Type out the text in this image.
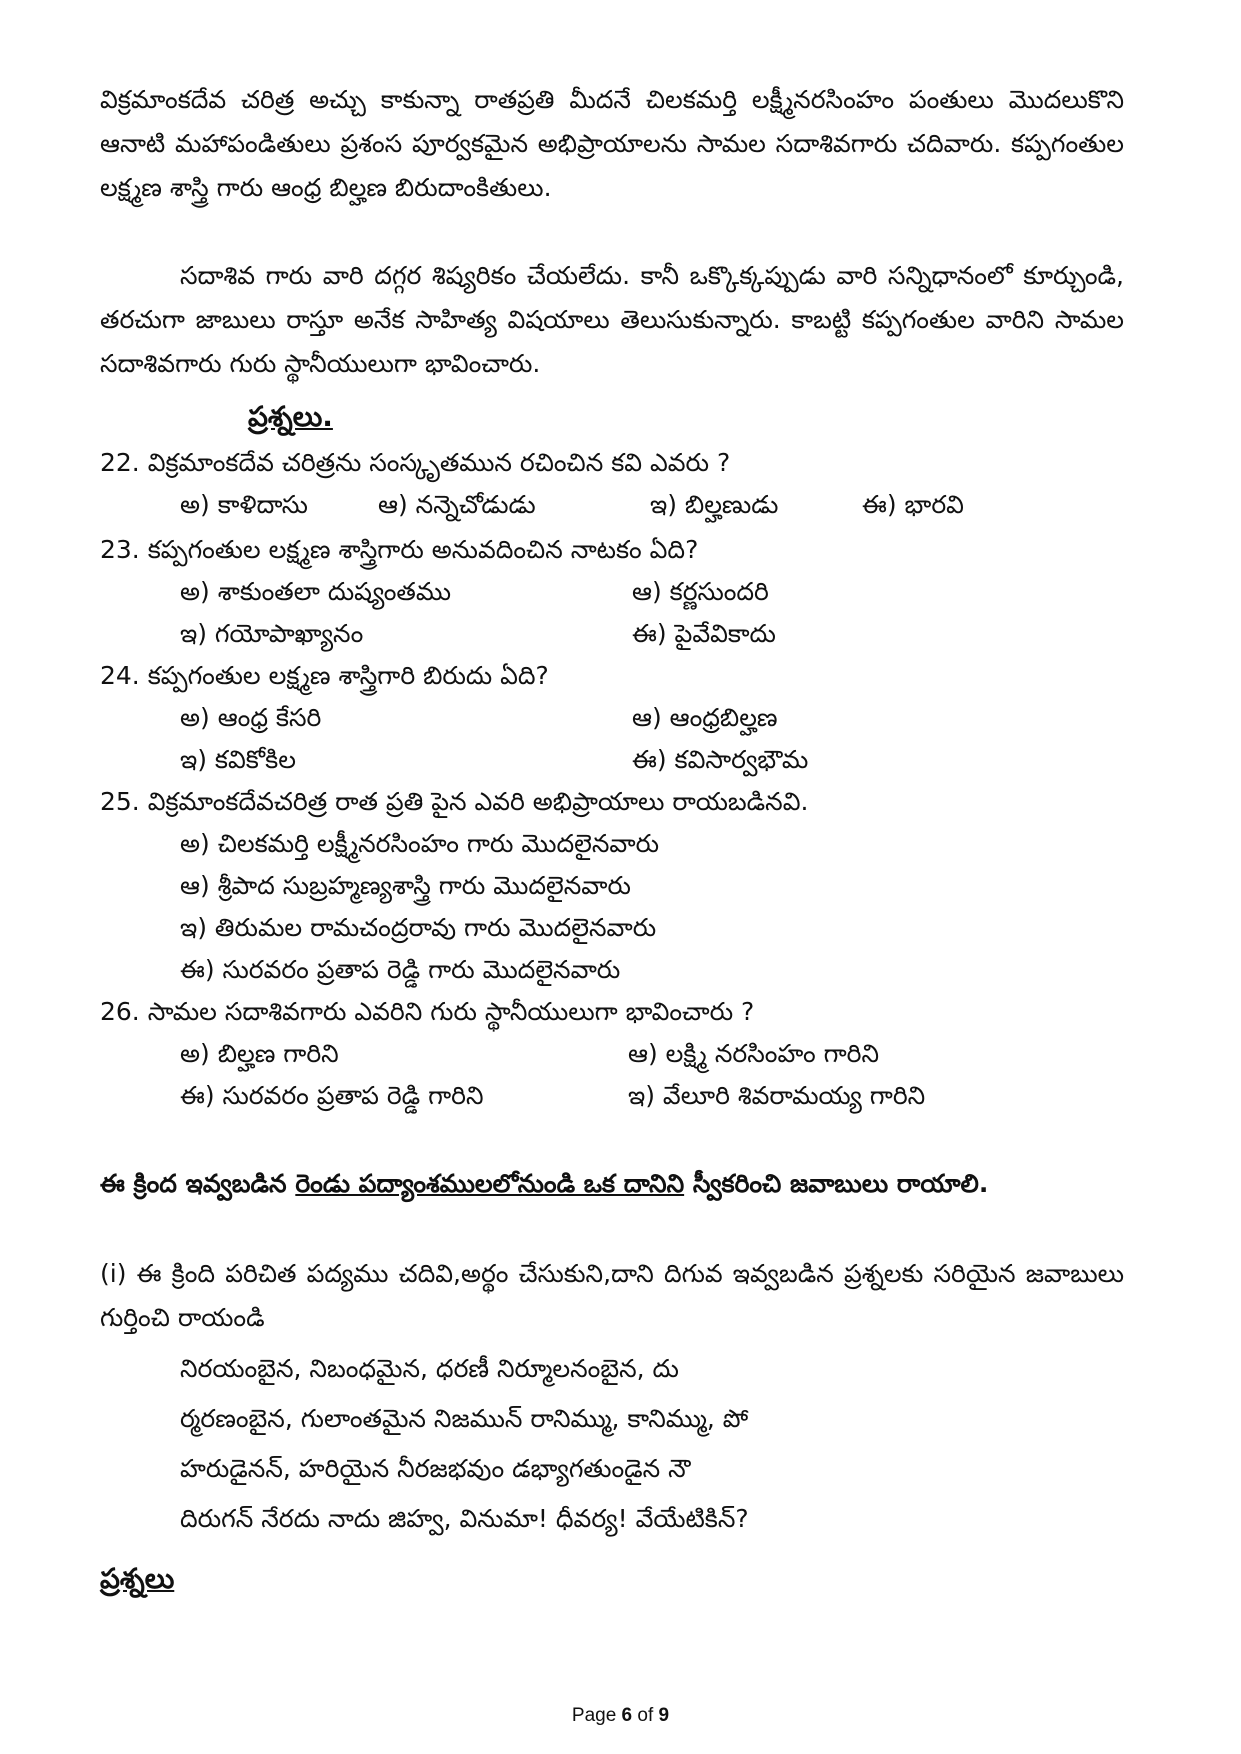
విక్రమాంకదేవ చరిత్ర అచ్చు కాకున్నా రాతప్రతి మీదనే చిలకమర్తి లక్ష్మీనరసింహం పంతులు మొదలుకొని ఆనాటి మహాపండితులు ప్రశంస పూర్వకమైన అభిప్రాయాలను సామల సదాశివగారు చదివారు. కప్పగంతుల లక్ష్మణ శాస్త్రి గారు ఆంధ్ర బిల్హణ బిరుదాంకితులు.
సదాశివ గారు వారి దగ్గర శిష్యరికం చేయలేదు. కానీ ఒక్కొక్కప్పుడు వారి సన్నిధానంలో కూర్చుండి, తరచుగా జాబులు రాస్తూ అనేక సాహిత్య విషయాలు తెలుసుకున్నారు. కాబట్టి కప్పగంతుల వారిని సామల సదాశివగారు గురు స్థానీయులుగా భావించారు.
ప్రశ్నలు.
22. విక్రమాంకదేవ చరిత్రను సంస్కృతమున రచించిన కవి ఎవరు ?
అ) కాళిదాసు	ఆ) నన్నెచోడుడు	ఇ) బిల్హణుడు	ఈ) భారవి
23. కప్పగంతుల లక్ష్మణ శాస్త్రిగారు అనువదించిన నాటకం ఏది?
అ) శాకుంతలా దుష్యంతము	ఆ) కర్ణసుందరి
ఇ) గయోపాఖ్యానం	ఈ) పైవేవికాదు
24. కప్పగంతుల లక్ష్మణ శాస్త్రిగారి బిరుదు ఏది?
అ) ఆంధ్ర కేసరి	ఆ) ఆంధ్రబిల్హణ
ఇ) కవికోకిల	ఈ) కవిసార్వభౌమ
25. విక్రమాంకదేవచరిత్ర రాత ప్రతి పైన ఎవరి అభిప్రాయాలు రాయబడినవి.
అ) చిలకమర్తి లక్ష్మీనరసింహం గారు మొదలైనవారు
ఆ) శ్రీపాద సుబ్రహ్మణ్యశాస్త్రి గారు మొదలైనవారు
ఇ) తిరుమల రామచంద్రరావు గారు మొదలైనవారు
ఈ) సురవరం ప్రతాప రెడ్డి గారు మొదలైనవారు
26. సామల సదాశివగారు ఎవరిని గురు స్థానీయులుగా భావించారు ?
అ) బిల్హణ గారిని	ఆ) లక్ష్మి నరసింహం గారిని
ఈ) సురవరం ప్రతాప రెడ్డి గారిని	ఇ) వేలూరి శివరామయ్య గారిని
ఈ క్రింద ఇవ్వబడిన రెండు పద్యాంశములలోనుండి ఒక దానిని స్వీకరించి జవాబులు రాయాలి.
(i) ఈ క్రింది పరిచిత పద్యము చదివి,అర్థం చేసుకుని,దాని దిగువ ఇవ్వబడిన ప్రశ్నలకు సరియైన జవాబులు గుర్తించి రాయండి
నిరయంబైన, నిబంధమైన, ధరణీ నిర్మూలనంబైన, దు
ర్మరణంబైన, గులాంతమైన నిజమున్ రానిమ్ము, కానిమ్ము, పో
హరుడైనన్, హరియైన నీరజభవుం డభ్యాగతుండైన నౌ
దిరుగన్ నేరదు నాదు జిహ్వ, వినుమా! ధీవర్య! వేయేటికిన్?
ప్రశ్నలు
Page 6 of 9
